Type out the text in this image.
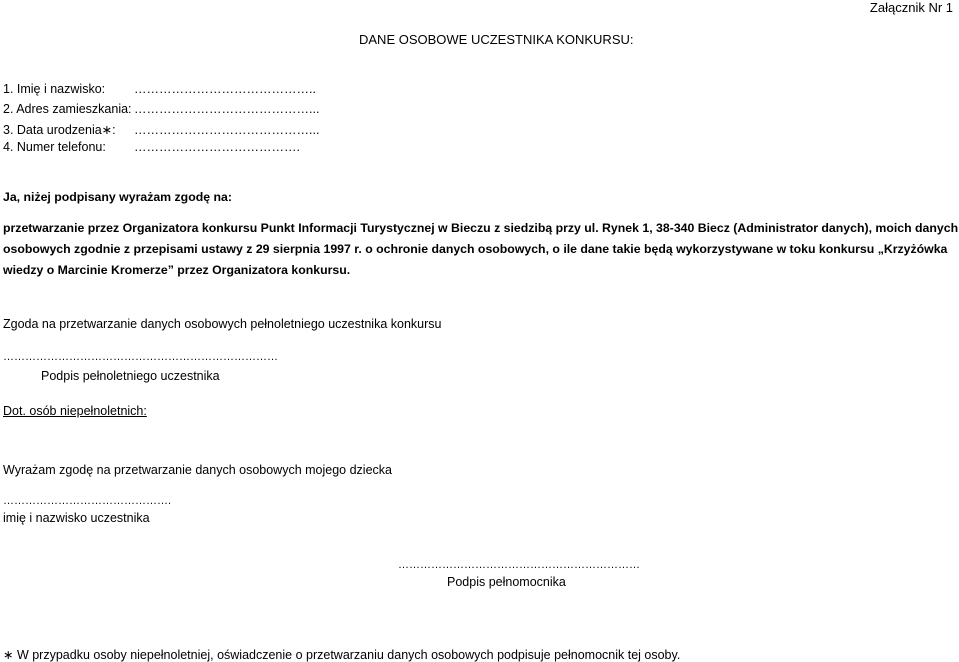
Załącznik Nr 1
DANE OSOBOWE UCZESTNIKA KONKURSU:
1. Imię i nazwisko: ……………………………………..
2. Adres zamieszkania: ……………………………………...
3. Data urodzenia∗: ……………………………………...
4. Numer telefonu: ………………………………….
Ja, niżej podpisany wyrażam zgodę na:
przetwarzanie przez Organizatora konkursu Punkt Informacji Turystycznej w Bieczu z siedzibą przy ul. Rynek 1, 38-340 Biecz (Administrator danych), moich danych osobowych zgodnie z przepisami ustawy z 29 sierpnia 1997 r. o ochronie danych osobowych, o ile dane takie będą wykorzystywane w toku konkursu „Krzyżówka wiedzy o Marcinie Kromerze” przez Organizatora konkursu.
Zgoda na przetwarzanie danych osobowych pełnoletniego uczestnika konkursu
…………………………………………………………………
Podpis pełnoletniego uczestnika
Dot. osób niepełnoletnich:
Wyrażam zgodę na przetwarzanie danych osobowych mojego dziecka
……………………………………….
imię i nazwisko uczestnika
…………………………………………………………
Podpis pełnomocnika
∗ W przypadku osoby niepełnoletniej, oświadczenie o przetwarzaniu danych osobowych podpisuje pełnomocnik tej osoby.
